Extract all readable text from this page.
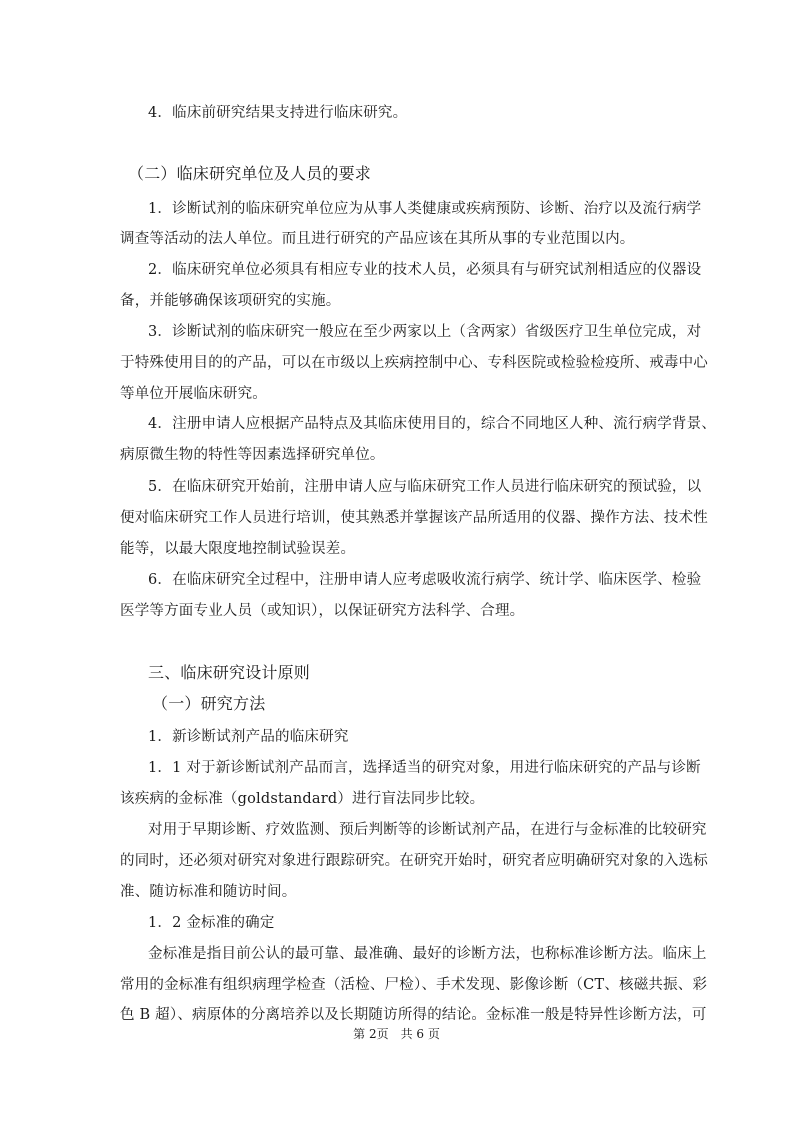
4．临床前研究结果支持进行临床研究。
（二）临床研究单位及人员的要求
1．诊断试剂的临床研究单位应为从事人类健康或疾病预防、诊断、治疗以及流行病学
调查等活动的法人单位。而且进行研究的产品应该在其所从事的专业范围以内。
2．临床研究单位必须具有相应专业的技术人员，必须具有与研究试剂相适应的仪器设
备，并能够确保该项研究的实施。
3．诊断试剂的临床研究一般应在至少两家以上（含两家）省级医疗卫生单位完成，对
于特殊使用目的的产品，可以在市级以上疾病控制中心、专科医院或检验检疫所、戒毒中心
等单位开展临床研究。
4．注册申请人应根据产品特点及其临床使用目的，综合不同地区人种、流行病学背景、
病原微生物的特性等因素选择研究单位。
5．在临床研究开始前，注册申请人应与临床研究工作人员进行临床研究的预试验，以
便对临床研究工作人员进行培训，使其熟悉并掌握该产品所适用的仪器、操作方法、技术性
能等，以最大限度地控制试验误差。
6．在临床研究全过程中，注册申请人应考虑吸收流行病学、统计学、临床医学、检验
医学等方面专业人员（或知识），以保证研究方法科学、合理。
三、临床研究设计原则
（一）研究方法
1．新诊断试剂产品的临床研究
1．1 对于新诊断试剂产品而言，选择适当的研究对象，用进行临床研究的产品与诊断
该疾病的金标准（goldstandard）进行盲法同步比较。
对用于早期诊断、疗效监测、预后判断等的诊断试剂产品，在进行与金标准的比较研究
的同时，还必须对研究对象进行跟踪研究。在研究开始时，研究者应明确研究对象的入选标
准、随访标准和随访时间。
1．2 金标准的确定
金标准是指目前公认的最可靠、最准确、最好的诊断方法，也称标准诊断方法。临床上
常用的金标准有组织病理学检查（活检、尸检）、手术发现、影像诊断（CT、核磁共振、彩
色 B 超）、病原体的分离培养以及长期随访所得的结论。金标准一般是特异性诊断方法，可
第 2页　共 6 页
